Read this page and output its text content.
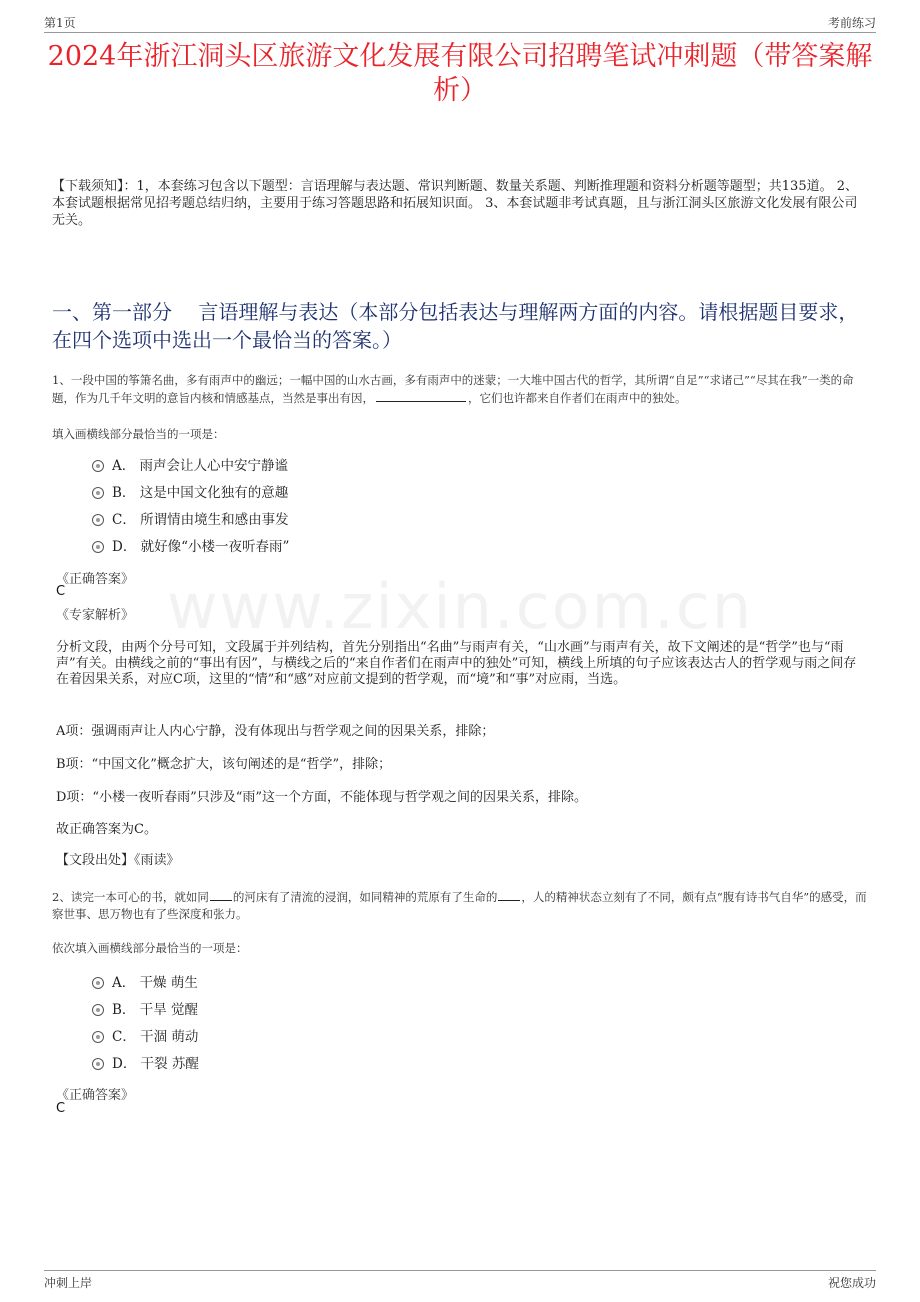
第1页	考前练习
2024年浙江洞头区旅游文化发展有限公司招聘笔试冲刺题（带答案解析）
【下载须知】：1，本套练习包含以下题型：言语理解与表达题、常识判断题、数量关系题、判断推理题和资料分析题等题型；共135道。 2、本套试题根据常见招考题总结归纳，主要用于练习答题思路和拓展知识面。 3、本套试题非考试真题，且与浙江洞头区旅游文化发展有限公司无关。
一、第一部分　 言语理解与表达（本部分包括表达与理解两方面的内容。请根据题目要求，在四个选项中选出一个最恰当的答案。）
www.zixin.com.cn
1、一段中国的筝箫名曲，多有雨声中的幽远；一幅中国的山水古画，多有雨声中的迷蒙；一大堆中国古代的哲学，其所谓“自足”“求诸己”“尽其在我”一类的命题，作为几千年文明的意旨内核和情感基点，当然是事出有因，	，它们也许都来自作者们在雨声中的独处。
填入画横线部分最恰当的一项是：
A． 雨声会让人心中安宁静谧
B． 这是中国文化独有的意趣
C． 所谓情由境生和感由事发
D． 就好像“小楼一夜听春雨”
《正确答案》
C
《专家解析》
分析文段，由两个分号可知，文段属于并列结构，首先分别指出“名曲”与雨声有关，“山水画”与雨声有关，故下文阐述的是“哲学”也与“雨声”有关。由横线之前的“事出有因”，与横线之后的“来自作者们在雨声中的独处”可知，横线上所填的句子应该表达古人的哲学观与雨之间存在着因果关系，对应C项，这里的“情”和“感”对应前文提到的哲学观，而“境”和“事”对应雨，当选。
A项：强调雨声让人内心宁静，没有体现出与哲学观之间的因果关系，排除；
B项：“中国文化”概念扩大，该句阐述的是“哲学”，排除；
D项：“小楼一夜听春雨”只涉及“雨”这一个方面，不能体现与哲学观之间的因果关系，排除。
故正确答案为C。
【文段出处】《雨读》
2、读完一本可心的书，就如同 的河床有了清流的浸润，如同精神的荒原有了生命的 ，人的精神状态立刻有了不同，颇有点“腹有诗书气自华”的感受，而察世事、思万物也有了些深度和张力。
依次填入画横线部分最恰当的一项是：
A． 干燥 萌生
B． 干旱 觉醒
C． 干涸 萌动
D． 干裂 苏醒
《正确答案》
C
冲刺上岸	祝您成功
